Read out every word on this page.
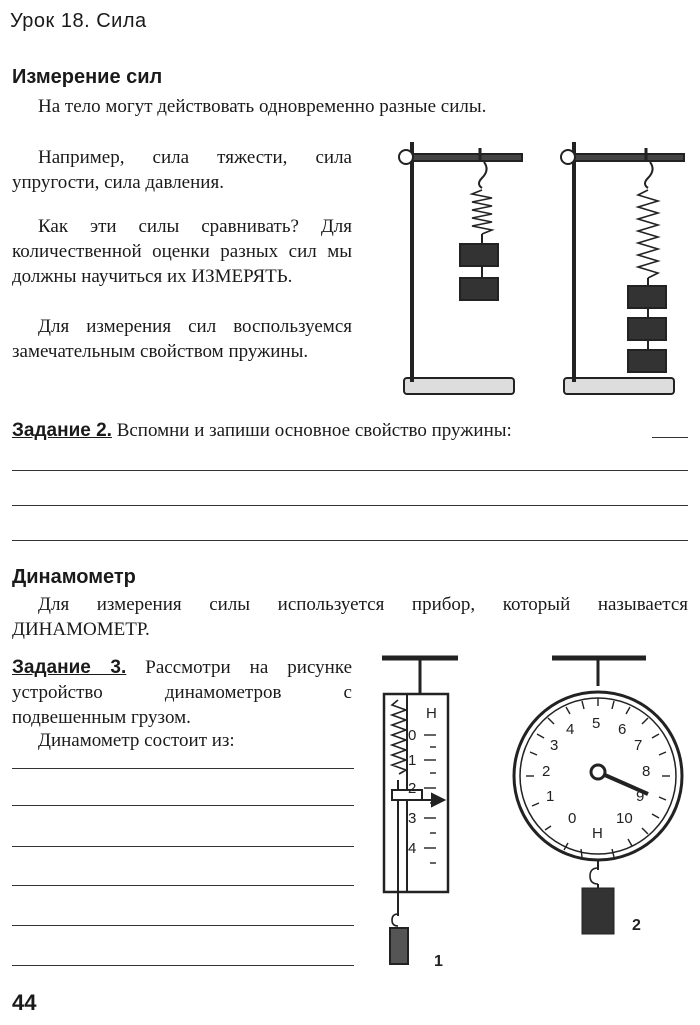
Урок 18. Сила
Измерение сил
На тело могут действовать одновременно разные силы.
Например, сила тяжести, сила упругости, сила давления.
Как эти силы сравнивать? Для количественной оценки разных сил мы должны научиться их ИЗМЕРЯТЬ.
Для измерения сил воспользуемся замечательным свойством пружины.
Задание 2. Вспомни и запиши основное свойство пружины:
Динамометр
Для измерения силы используется прибор, который называется ДИНАМОМЕТР.
Задание 3. Рассмотри на рисунке устройство динамометров с подвешенным грузом.
Динамометр состоит из:
Н
0
1
2
3
4
1
0
1
2
3
4 5 6
7
8
9
10
Н
2
44
